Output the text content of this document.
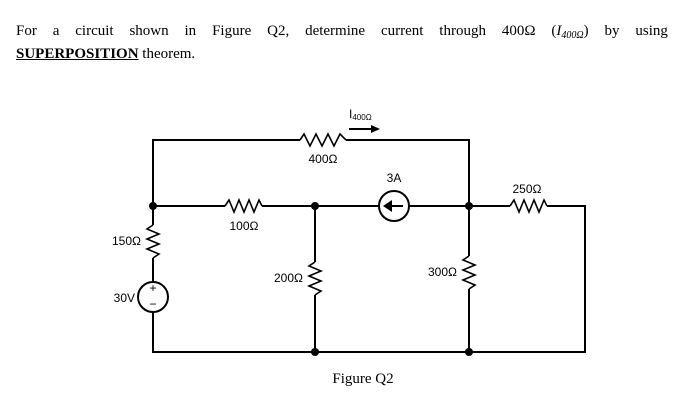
For a circuit shown in Figure Q2, determine current through 400Ω $(I_{400\Omega})$ by using
SUPERPOSITION theorem.
I400Ω
400Ω
100Ω
3A
250Ω
150Ω
30V
200Ω	300Ω
+
−
Figure Q2
